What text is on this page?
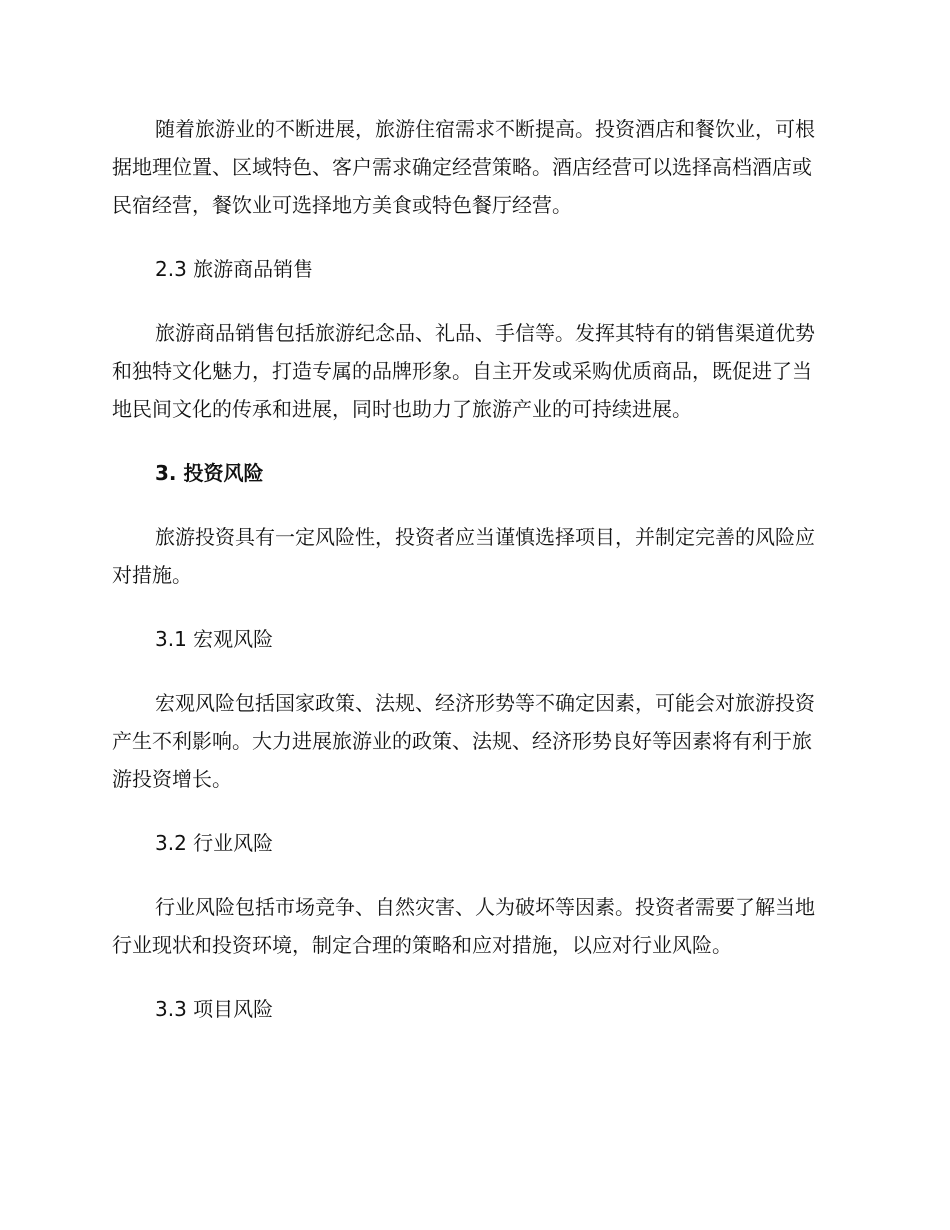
随着旅游业的不断进展，旅游住宿需求不断提高。投资酒店和餐饮业，可根据地理位置、区域特色、客户需求确定经营策略。酒店经营可以选择高档酒店或民宿经营，餐饮业可选择地方美食或特色餐厅经营。

2.3 旅游商品销售

旅游商品销售包括旅游纪念品、礼品、手信等。发挥其特有的销售渠道优势和独特文化魅力，打造专属的品牌形象。自主开发或采购优质商品，既促进了当地民间文化的传承和进展，同时也助力了旅游产业的可持续进展。

3. 投资风险

旅游投资具有一定风险性，投资者应当谨慎选择项目，并制定完善的风险应对措施。

3.1 宏观风险

宏观风险包括国家政策、法规、经济形势等不确定因素，可能会对旅游投资产生不利影响。大力进展旅游业的政策、法规、经济形势良好等因素将有利于旅游投资增长。

3.2 行业风险

行业风险包括市场竞争、自然灾害、人为破坏等因素。投资者需要了解当地行业现状和投资环境，制定合理的策略和应对措施，以应对行业风险。

3.3 项目风险
